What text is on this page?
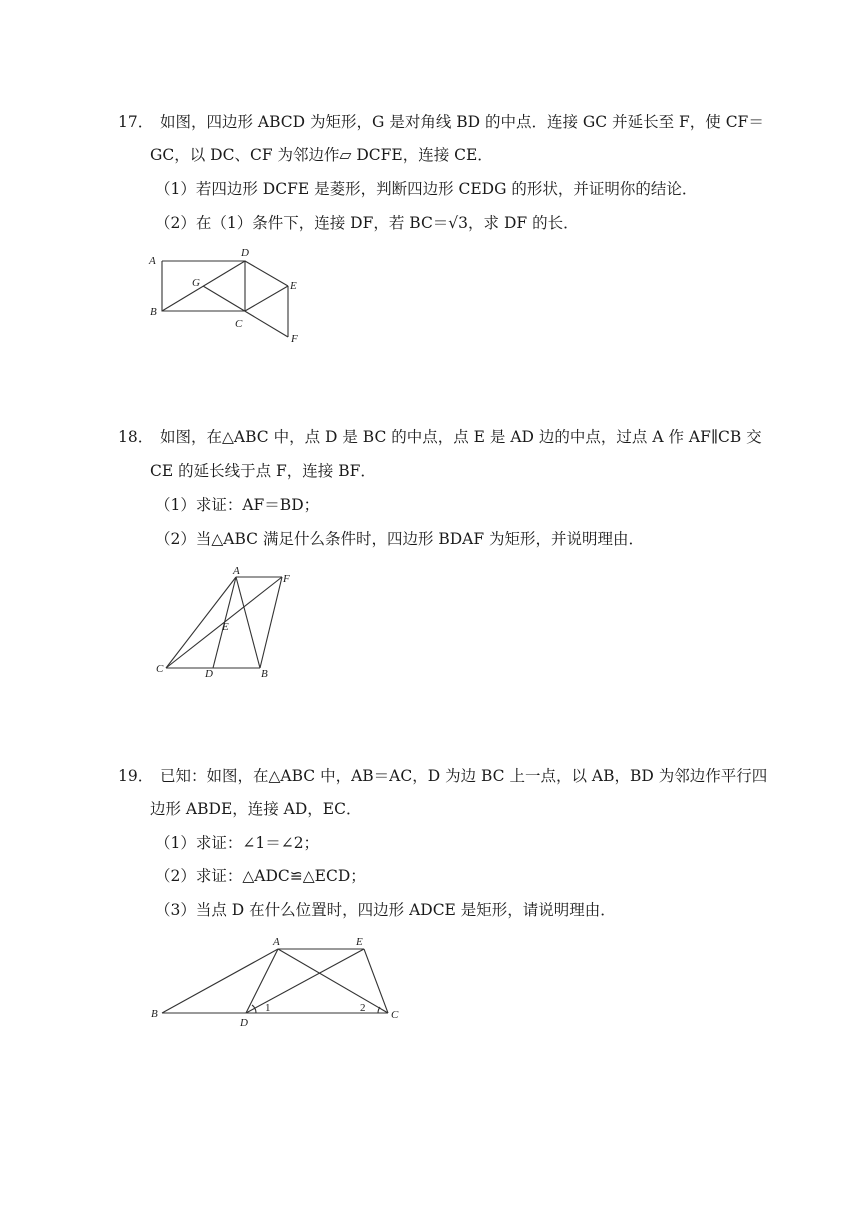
17． 如图，四边形 ABCD 为矩形，G 是对角线 BD 的中点．连接 GC 并延长至 F，使 CF＝
GC，以 DC、CF 为邻边作▱ DCFE，连接 CE．
（1）若四边形 DCFE 是菱形，判断四边形 CEDG 的形状，并证明你的结论．
（2）在（1）条件下，连接 DF，若 BC＝√3，求 DF 的长．
A
B
C
D
E
F
G
18． 如图，在△ABC 中，点 D 是 BC 的中点，点 E 是 AD 边的中点，过点 A 作 AF∥CB 交
CE 的延长线于点 F，连接 BF．
（1）求证：AF＝BD；
（2）当△ABC 满足什么条件时，四边形 BDAF 为矩形，并说明理由．
A
B
C	D
E
F
19． 已知：如图，在△ABC 中，AB＝AC，D 为边 BC 上一点，以 AB，BD 为邻边作平行四
边形 ABDE，连接 AD，EC．
（1）求证：∠1＝∠2；
（2）求证：△ADC≌△ECD；
（3）当点 D 在什么位置时，四边形 ADCE 是矩形，请说明理由．
A
B	C
D
E
1	2
